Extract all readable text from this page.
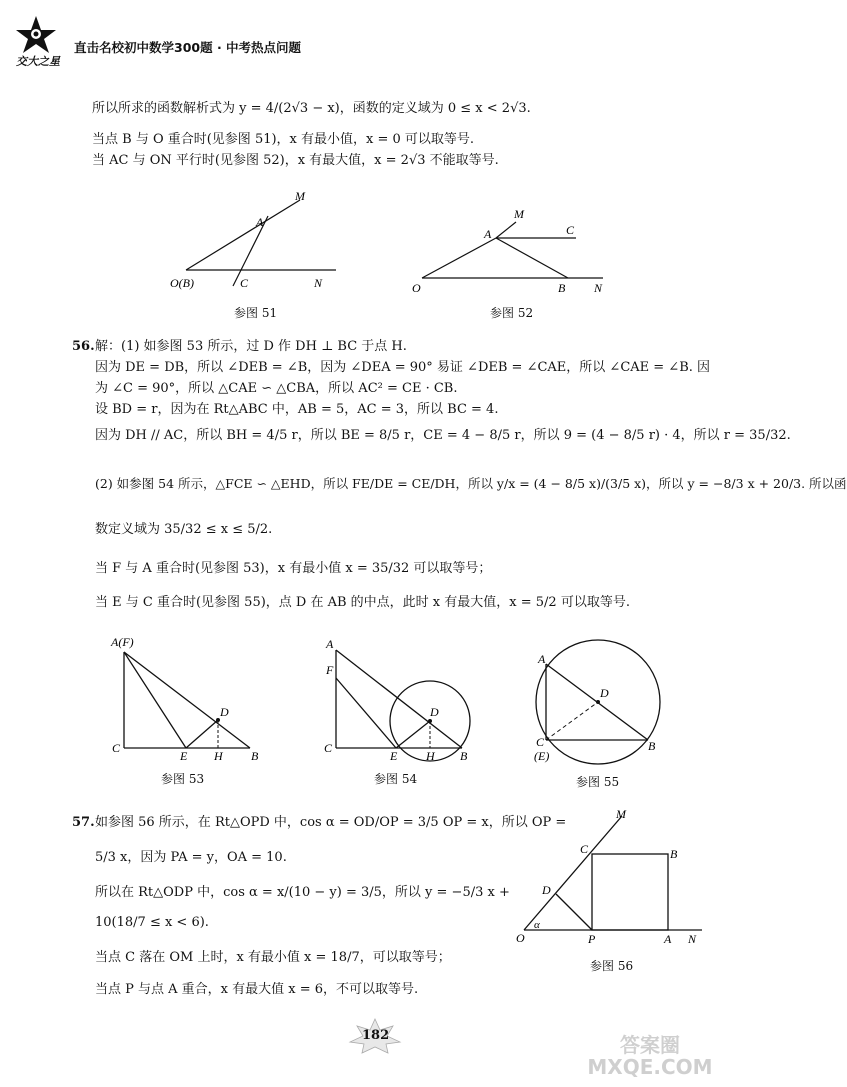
交大之星
直击名校初中数学300题 · 中考热点问题
所以所求的函数解析式为 y = 4/(2√3 − x)，函数的定义域为 0 ≤ x < 2√3.
当点 B 与 O 重合时(见参图 51)，x 有最小值，x = 0 可以取等号.
当 AC 与 ON 平行时(见参图 52)，x 有最大值，x = 2√3 不能取等号.
M
A
O(B)	C	N
参图 51
M
A	C
O	B N
参图 52
56. 解：(1) 如参图 53 所示，过 D 作 DH ⊥ BC 于点 H.
因为 DE = DB，所以 ∠DEB = ∠B，因为 ∠DEA = 90° 易证 ∠DEB = ∠CAE，所以 ∠CAE = ∠B. 因
为 ∠C = 90°，所以 △CAE ∽ △CBA，所以 AC² = CE · CB.
设 BD = r，因为在 Rt△ABC 中，AB = 5，AC = 3，所以 BC = 4.
因为 DH // AC，所以 BH = 4/5 r，所以 BE = 8/5 r，CE = 4 − 8/5 r，所以 9 = (4 − 8/5 r) · 4，所以 r = 35/32.
(2) 如参图 54 所示，△FCE ∽ △EHD，所以 FE/DE = CE/DH，所以 y/x = (4 − 8/5 x)/(3/5 x)，所以 y = −8/3 x + 20/3. 所以函
数定义域为 35/32 ≤ x ≤ 5/2.
当 F 与 A 重合时(见参图 53)，x 有最小值 x = 35/32 可以取等号；
当 E 与 C 重合时(见参图 55)，点 D 在 AB 的中点，此时 x 有最大值，x = 5/2 可以取等号.
A(F)
D
C
E H B
参图 53
A
F
D
C
E H B
参图 54
A
D
C
(E)
B
参图 55
57. 如参图 56 所示，在 Rt△OPD 中，cos α = OD/OP = 3/5 OP = x，所以 OP =
5/3 x，因为 PA = y，OA = 10.
所以在 Rt△ODP 中，cos α = x/(10 − y) = 3/5，所以 y = −5/3 x +
10(18/7 ≤ x < 6).
当点 C 落在 OM 上时，x 有最小值 x = 18/7，可以取等号；
当点 P 与点 A 重合，x 有最大值 x = 6，不可以取等号.
M
C	B
D
α
O	P	A N
参图 56
182	答案圈 MXQE.COM
